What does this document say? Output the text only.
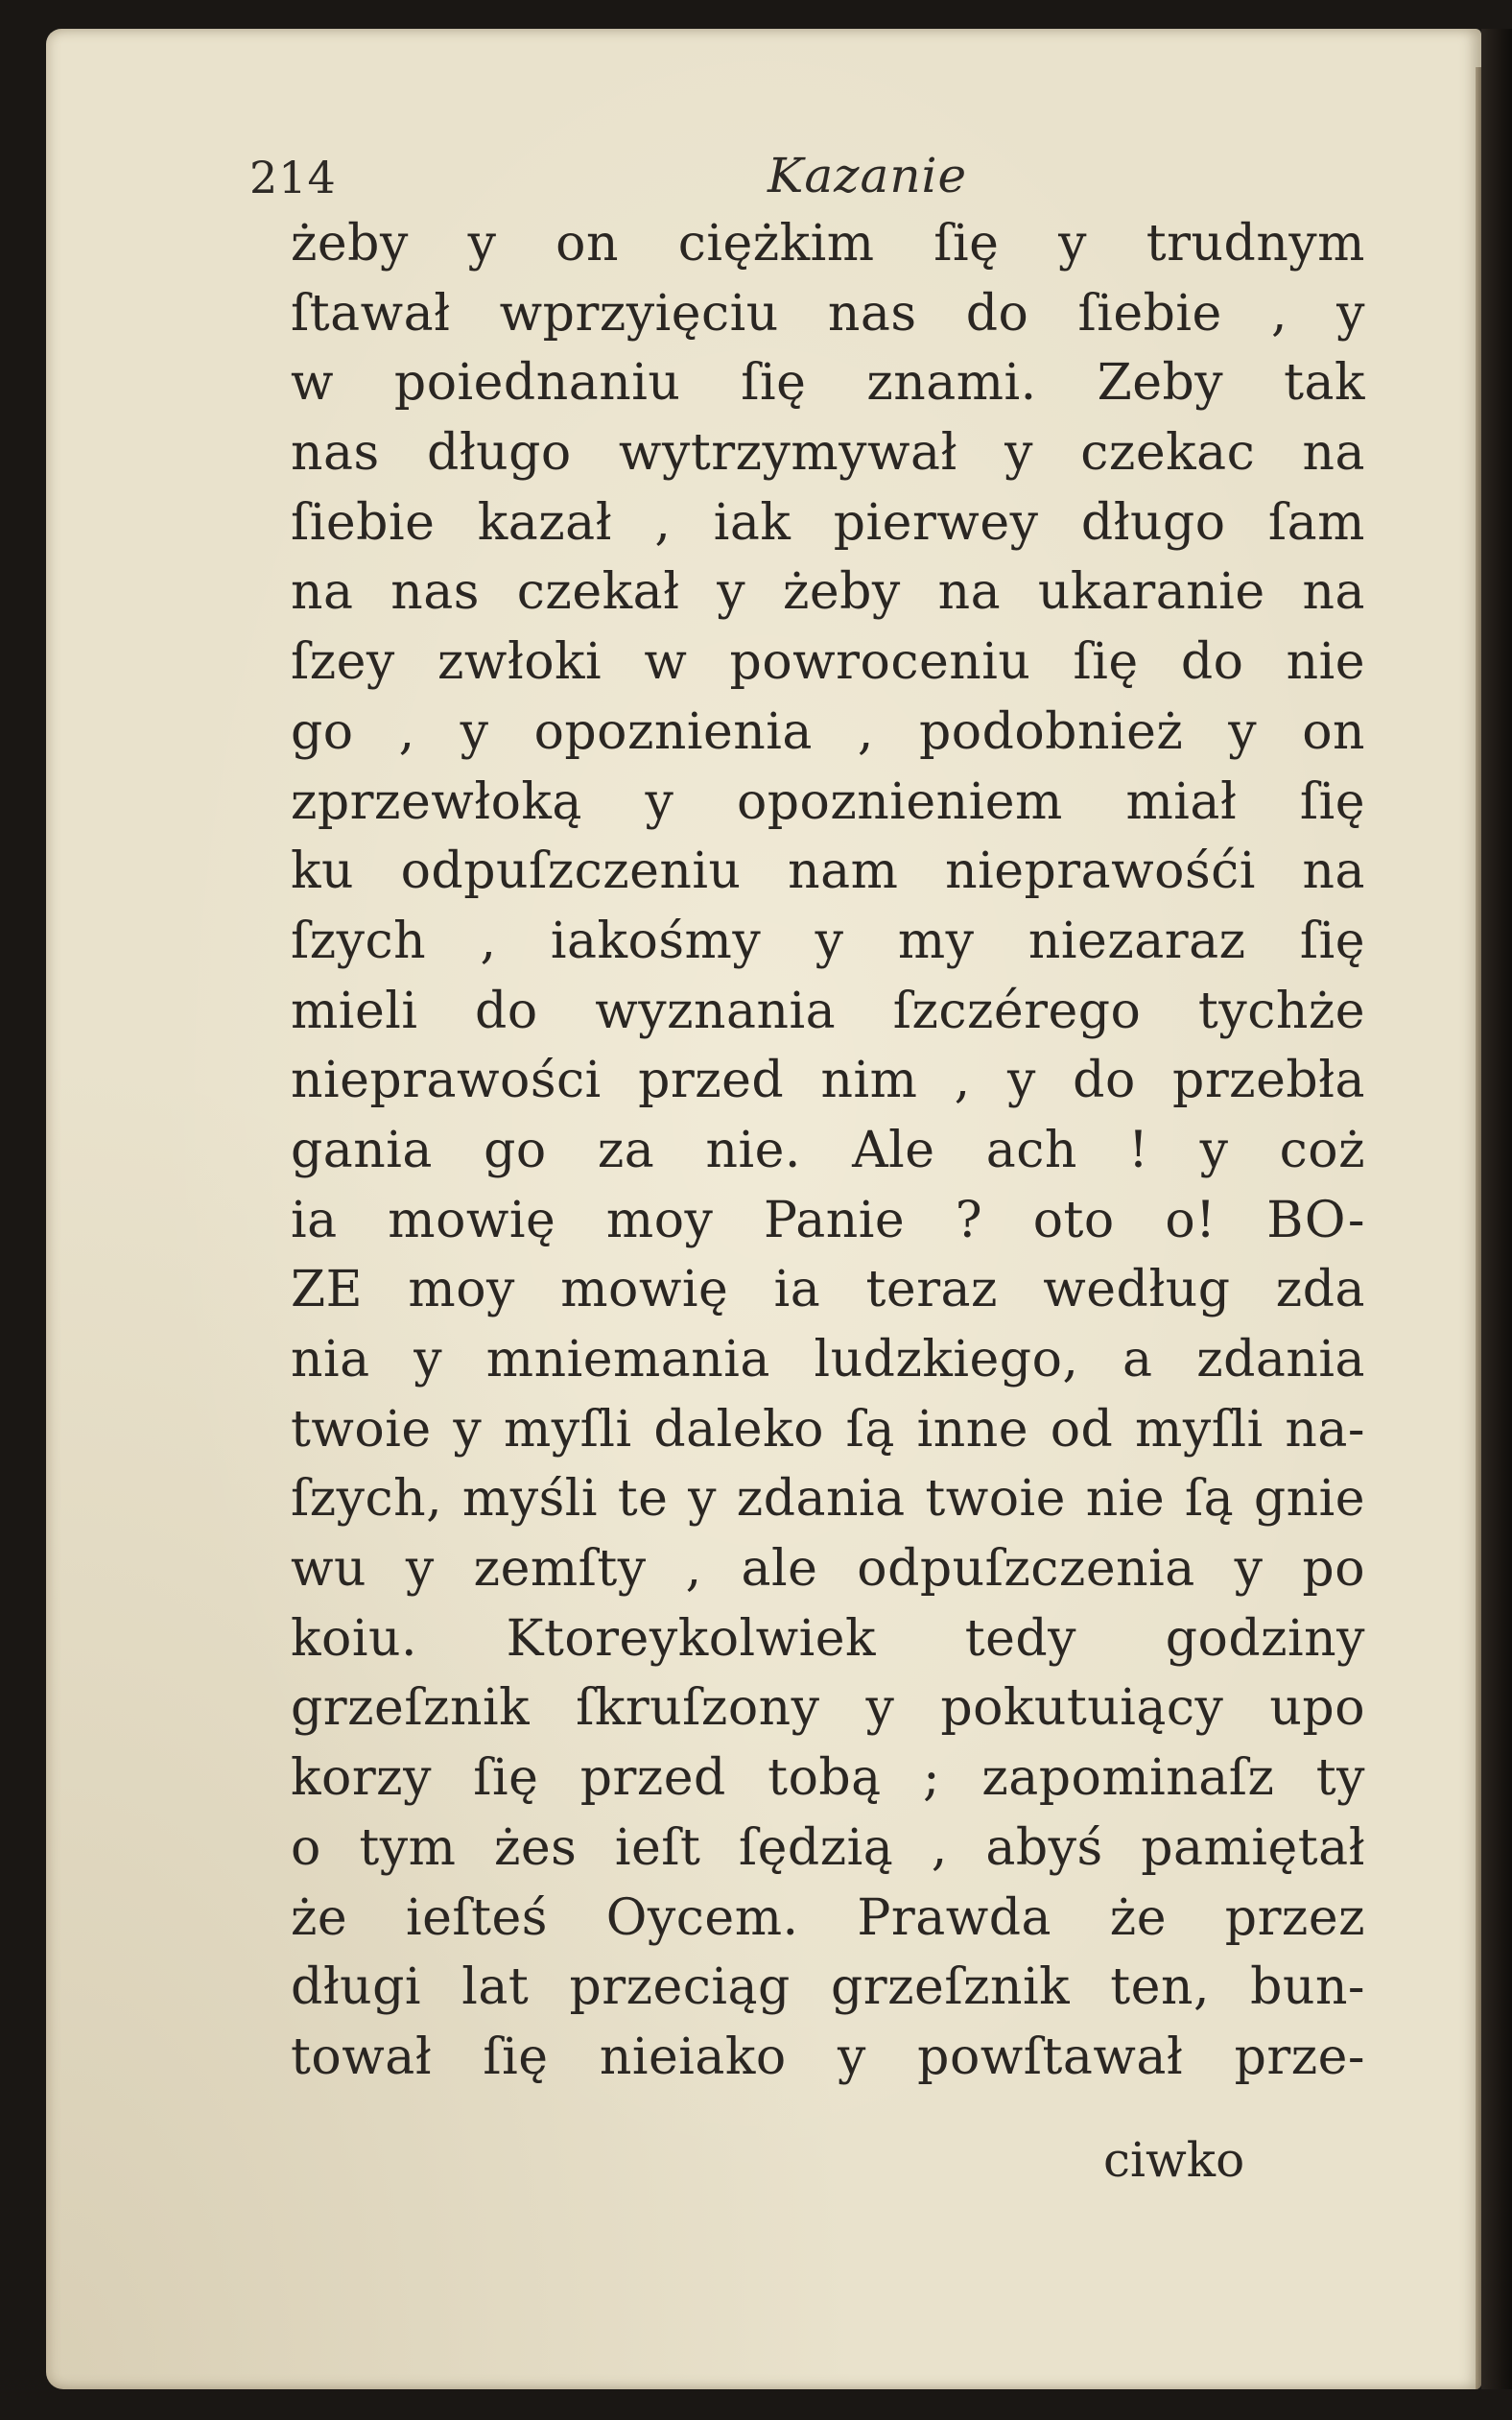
214	Kazanie
żeby y on ciężkim ſię y trudnym
ſtawał wprzyięciu nas do ſiebie , y
w poiednaniu ſię znami. Zeby tak
nas długo wytrzymywał y czekac na
ſiebie kazał , iak pierwey długo ſam
na nas czekał y żeby na ukaranie na
ſzey zwłoki w powroceniu ſię do nie
go , y opoznienia , podobnież y on
zprzewłoką y opoznieniem miał ſię
ku odpuſzczeniu nam nieprawośći na
ſzych , iakośmy y my niezaraz ſię
mieli do wyznania ſzczérego tychże
nieprawości przed nim , y do przebła
gania go za nie. Ale ach ! y coż
ia mowię moy Panie ? oto o! BO-
ZE moy mowię ia teraz według zda
nia y mniemania ludzkiego, a zdania
twoie y myſli daleko ſą inne od myſli na-
ſzych, myśli te y zdania twoie nie ſą gnie
wu y zemſty , ale odpuſzczenia y po
koiu. Ktoreykolwiek tedy godziny
grzeſznik ſkruſzony y pokutuiący upo
korzy ſię przed tobą ; zapominaſz ty
o tym żes ieſt ſędzią , abyś pamiętał
że ieſteś Oycem. Prawda że przez
długi lat przeciąg grzeſznik ten, bun-
tował ſię nieiako y powſtawał prze-
ciwko
